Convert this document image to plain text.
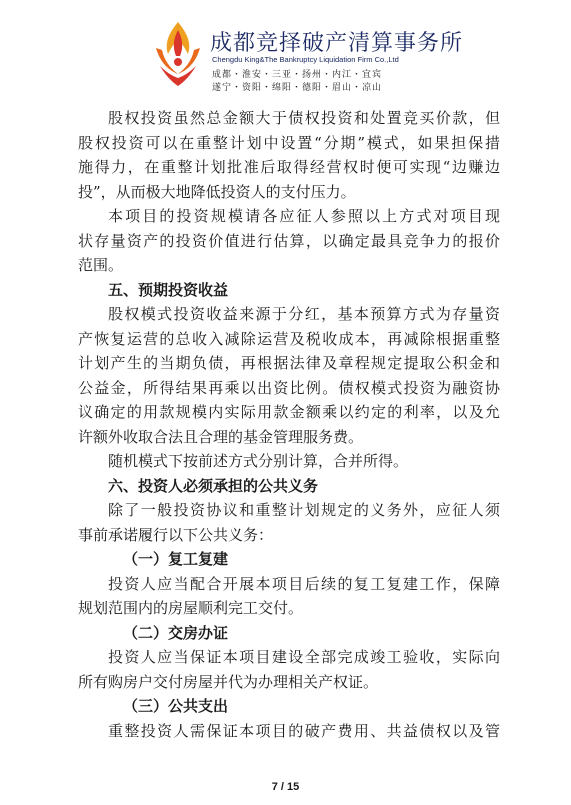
成都竞择破产清算事务所
Chengdu King&The Bankruptcy Liquidation Firm Co.,Ltd
成都・淮安・三亚・扬州・内江・宜宾
遂宁・资阳・绵阳・德阳・眉山・凉山
股权投资虽然总金额大于债权投资和处置竞买价款，但
股权投资可以在重整计划中设置“分期”模式，如果担保措
施得力，在重整计划批准后取得经营权时便可实现“边赚边
投”，从而极大地降低投资人的支付压力。
本项目的投资规模请各应征人参照以上方式对项目现
状存量资产的投资价值进行估算，以确定最具竞争力的报价
范围。
五、预期投资收益
股权模式投资收益来源于分红，基本预算方式为存量资
产恢复运营的总收入减除运营及税收成本，再减除根据重整
计划产生的当期负债，再根据法律及章程规定提取公积金和
公益金，所得结果再乘以出资比例。债权模式投资为融资协
议确定的用款规模内实际用款金额乘以约定的利率，以及允
许额外收取合法且合理的基金管理服务费。
随机模式下按前述方式分别计算，合并所得。
六、投资人必须承担的公共义务
除了一般投资协议和重整计划规定的义务外，应征人须
事前承诺履行以下公共义务：
（一）复工复建
投资人应当配合开展本项目后续的复工复建工作，保障
规划范围内的房屋顺利完工交付。
（二）交房办证
投资人应当保证本项目建设全部完成竣工验收，实际向
所有购房户交付房屋并代为办理相关产权证。
（三）公共支出
重整投资人需保证本项目的破产费用、共益债权以及管
7 / 15
